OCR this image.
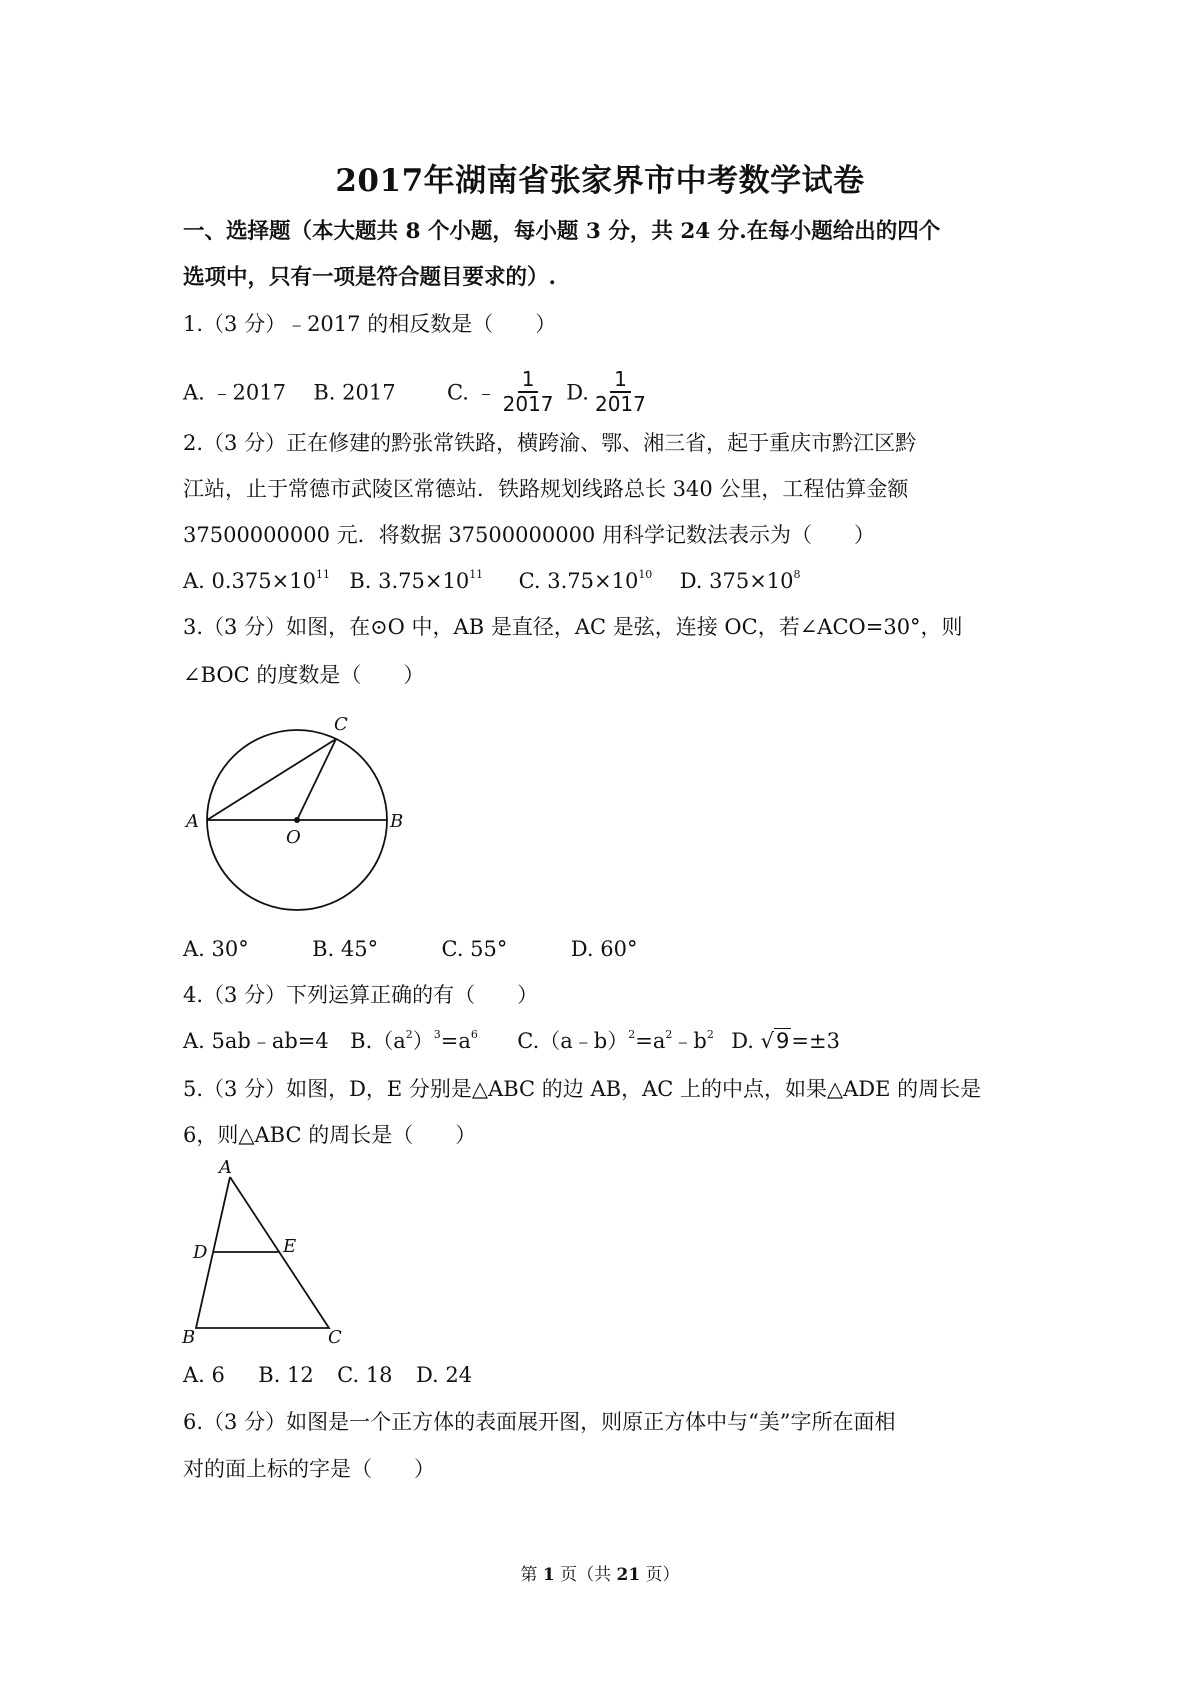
2017年湖南省张家界市中考数学试卷
一、选择题（本大题共 8 个小题，每小题 3 分，共 24 分.在每小题给出的四个
选项中，只有一项是符合题目要求的）.
1.（3 分）﹣2017 的相反数是（　　）
A. ﹣2017 B. 2017 C. ﹣ $\frac{1}{2017} D$. $\frac{1}{2017}$
2.（3 分）正在修建的黔张常铁路，横跨渝、鄂、湘三省，起于重庆市黔江区黔
江站，止于常德市武陵区常德站．铁路规划线路总长 340 公里，工程估算金额
37500000000 元．将数据 37500000000 用科学记数法表示为（　　）
A. $0.375\times 10^{11}$ B. $3.75\times 10^{11}$ C. $3.75\times 10^{10}$ D. $375\times 10^8$
3.（3 分）如图，在⊙O 中，AB 是直径，AC 是弦，连接 OC，若∠ACO=30°，则
∠BOC 的度数是（　　）
A	B
C
O
A. 30°	B. 45°	C. 55°	D. 60°
4.（3 分）下列运算正确的有（　　）
A. 5ab﹣ab=4 $B.(a^2)^3=a^6$ $C.(a﹣b)^2=a^2﹣b^2$ D. √9=±3
5.（3 分）如图，D，E 分别是△ABC 的边 AB，AC 上的中点，如果△ADE 的周长是
6，则△ABC 的周长是（　　）
A
D	E
B	C
A. 6 B. 12 C. 18 D. 24
6.（3 分）如图是一个正方体的表面展开图，则原正方体中与“美”字所在面相
对的面上标的字是（　　）
第 1 页（共 21 页）
